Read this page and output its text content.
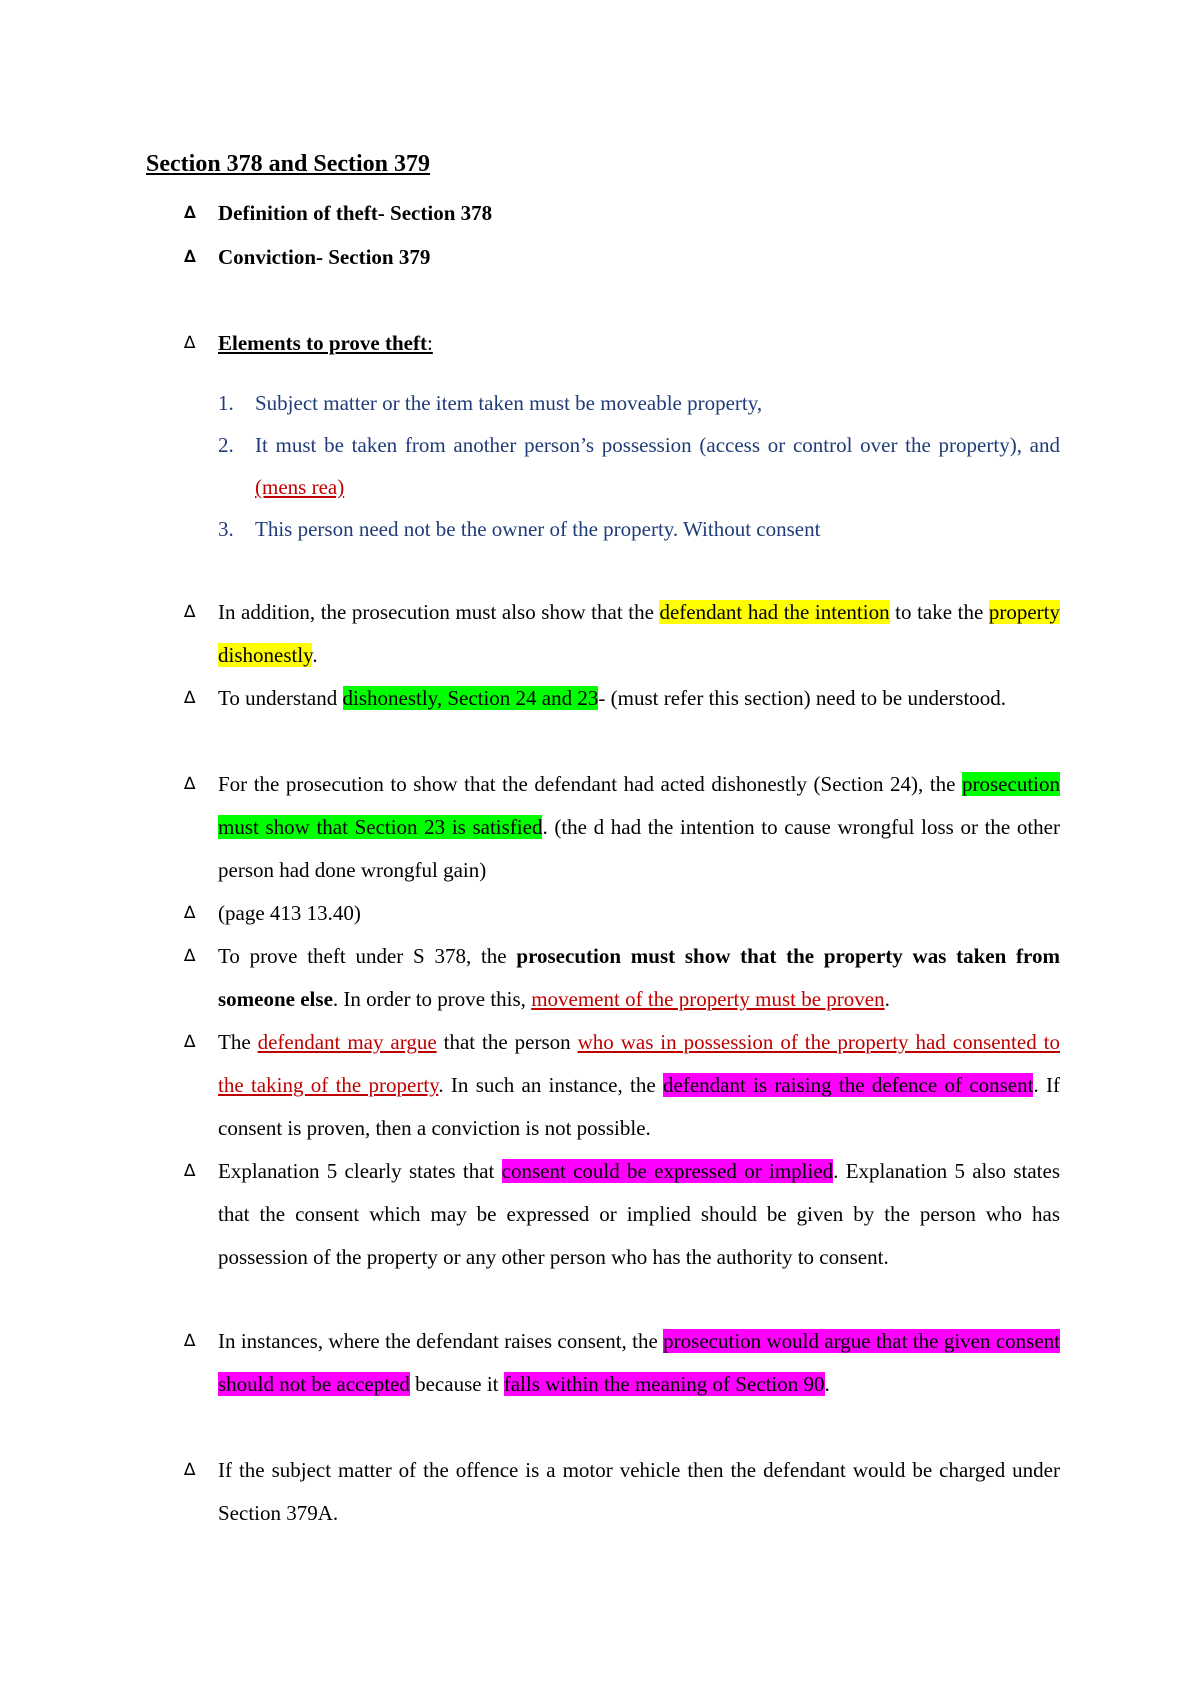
Section 378 and Section 379
∆ Definition of theft- Section 378
∆ Conviction- Section 379
∆ Elements to prove theft:
1.	Subject matter or the item taken must be moveable property,
2.	It must be taken from another person’s possession (access or control over the property), and (mens rea)
3.	This person need not be the owner of the property. Without consent
∆ In addition, the prosecution must also show that the defendant had the intention to take the property dishonestly.
∆ To understand dishonestly, Section 24 and 23- (must refer this section) need to be understood.
∆ For the prosecution to show that the defendant had acted dishonestly (Section 24), the prosecution must show that Section 23 is satisfied. (the d had the intention to cause wrongful loss or the other person had done wrongful gain)
∆ (page 413 13.40)
∆ To prove theft under S 378, the prosecution must show that the property was taken from someone else. In order to prove this, movement of the property must be proven.
∆ The defendant may argue that the person who was in possession of the property had consented to the taking of the property. In such an instance, the defendant is raising the defence of consent. If consent is proven, then a conviction is not possible.
∆ Explanation 5 clearly states that consent could be expressed or implied. Explanation 5 also states that the consent which may be expressed or implied should be given by the person who has possession of the property or any other person who has the authority to consent.
∆ In instances, where the defendant raises consent, the prosecution would argue that the given consent should not be accepted because it falls within the meaning of Section 90.
∆ If the subject matter of the offence is a motor vehicle then the defendant would be charged under Section 379A.
